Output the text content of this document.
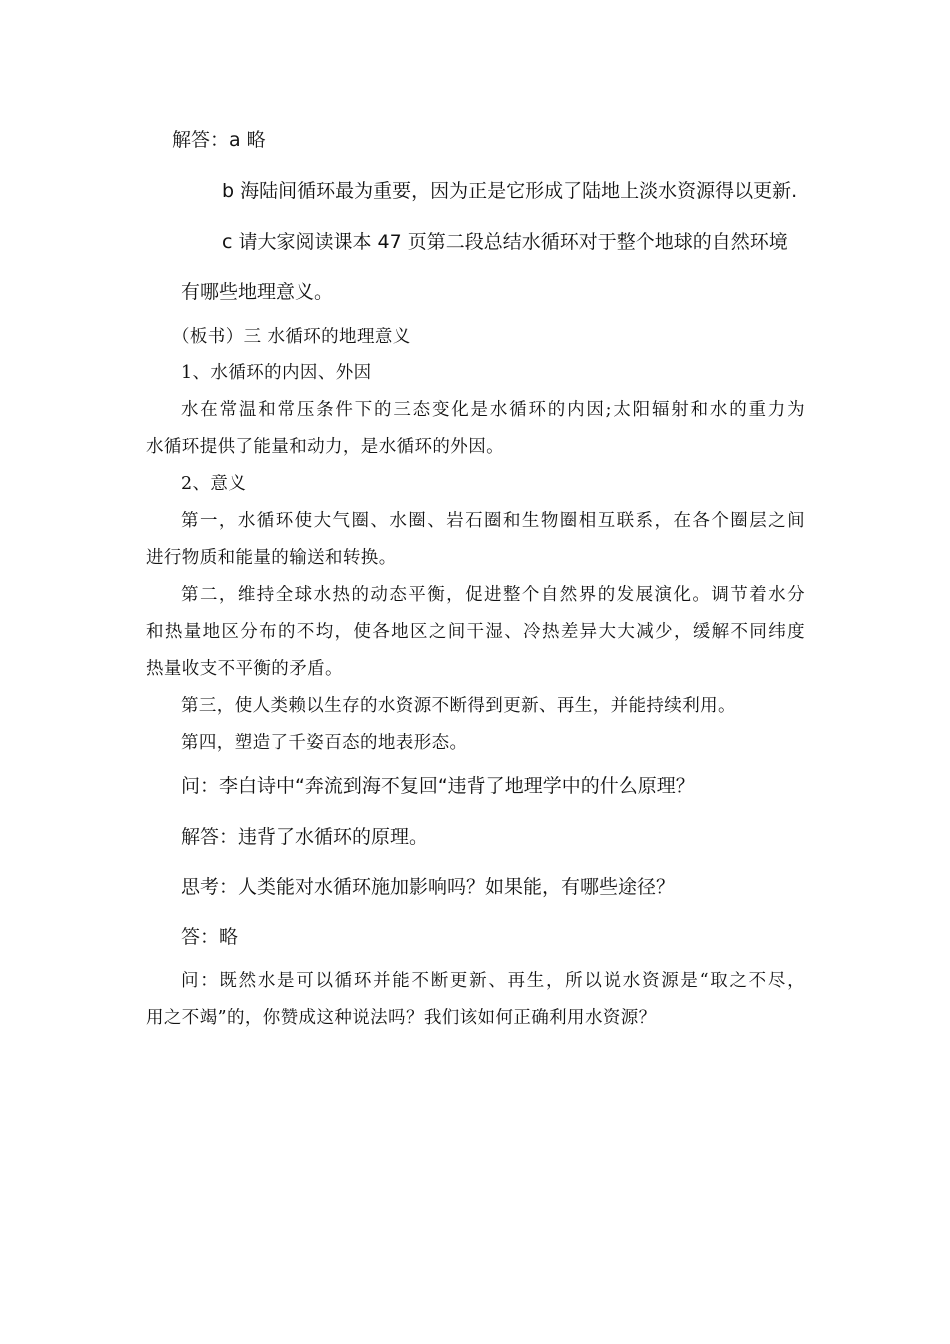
解答：a 略
b 海陆间循环最为重要，因为正是它形成了陆地上淡水资源得以更新.
c 请大家阅读课本 47 页第二段总结水循环对于整个地球的自然环境
有哪些地理意义。
（板书）三 水循环的地理意义
1、水循环的内因、外因
水在常温和常压条件下的三态变化是水循环的内因;太阳辐射和水的重力为
水循环提供了能量和动力，是水循环的外因。
2、意义
第一，水循环使大气圈、水圈、岩石圈和生物圈相互联系，在各个圈层之间
进行物质和能量的输送和转换。
第二，维持全球水热的动态平衡，促进整个自然界的发展演化。调节着水分
和热量地区分布的不均，使各地区之间干湿、冷热差异大大减少，缓解不同纬度
热量收支不平衡的矛盾。
第三，使人类赖以生存的水资源不断得到更新、再生，并能持续利用。
第四，塑造了千姿百态的地表形态。
问：李白诗中“奔流到海不复回“违背了地理学中的什么原理？
解答：违背了水循环的原理。
思考：人类能对水循环施加影响吗？如果能，有哪些途径？
答：略
问：既然水是可以循环并能不断更新、再生，所以说水资源是“取之不尽，
用之不竭”的，你赞成这种说法吗？我们该如何正确利用水资源？
